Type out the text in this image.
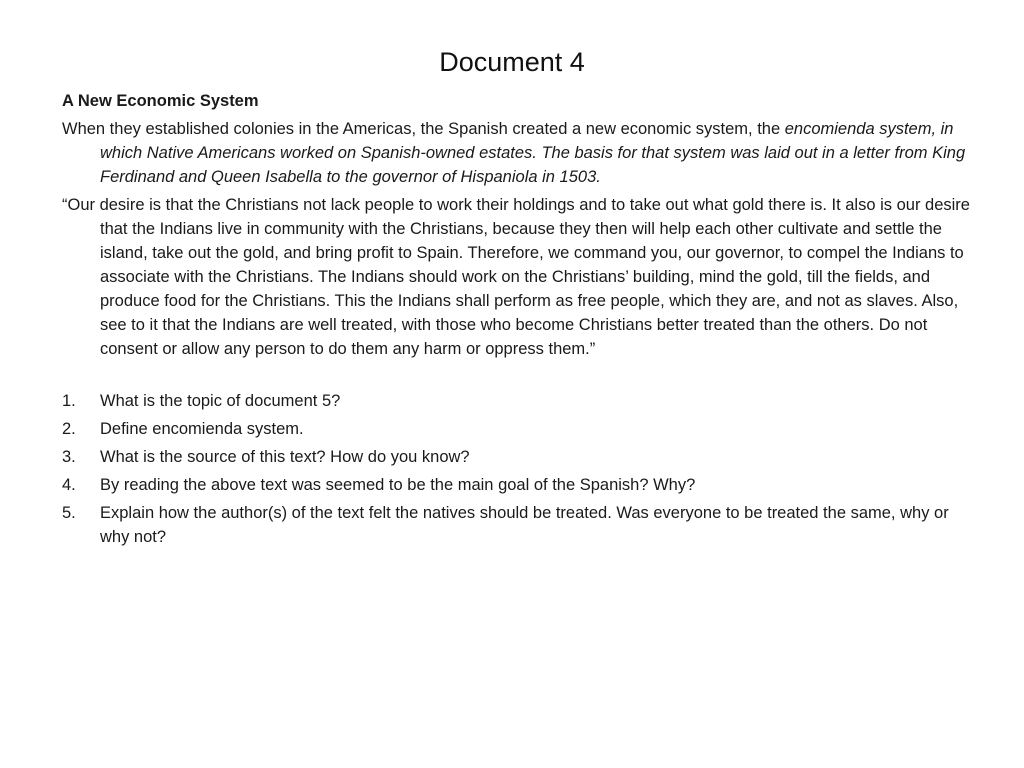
Document 4
A New Economic System
When they established colonies in the Americas, the Spanish created a new economic system, the encomienda system, in which Native Americans worked on Spanish-owned estates. The basis for that system was laid out in a letter from King Ferdinand and Queen Isabella to the governor of Hispaniola in 1503.
“Our desire is that the Christians not lack people to work their holdings and to take out what gold there is. It also is our desire that the Indians live in community with the Christians, because they then will help each other cultivate and settle the island, take out the gold, and bring profit to Spain. Therefore, we command you, our governor, to compel the Indians to associate with the Christians. The Indians should work on the Christians’ building, mind the gold, till the fields, and produce food for the Christians. This the Indians shall perform as free people, which they are, and not as slaves. Also, see to it that the Indians are well treated, with those who become Christians better treated than the others. Do not consent or allow any person to do them any harm or oppress them.”
1. What is the topic of document 5?
2. Define encomienda system.
3. What is the source of this text? How do you know?
4. By reading the above text was seemed to be the main goal of the Spanish? Why?
5. Explain how the author(s) of the text felt the natives should be treated. Was everyone to be treated the same, why or why not?
